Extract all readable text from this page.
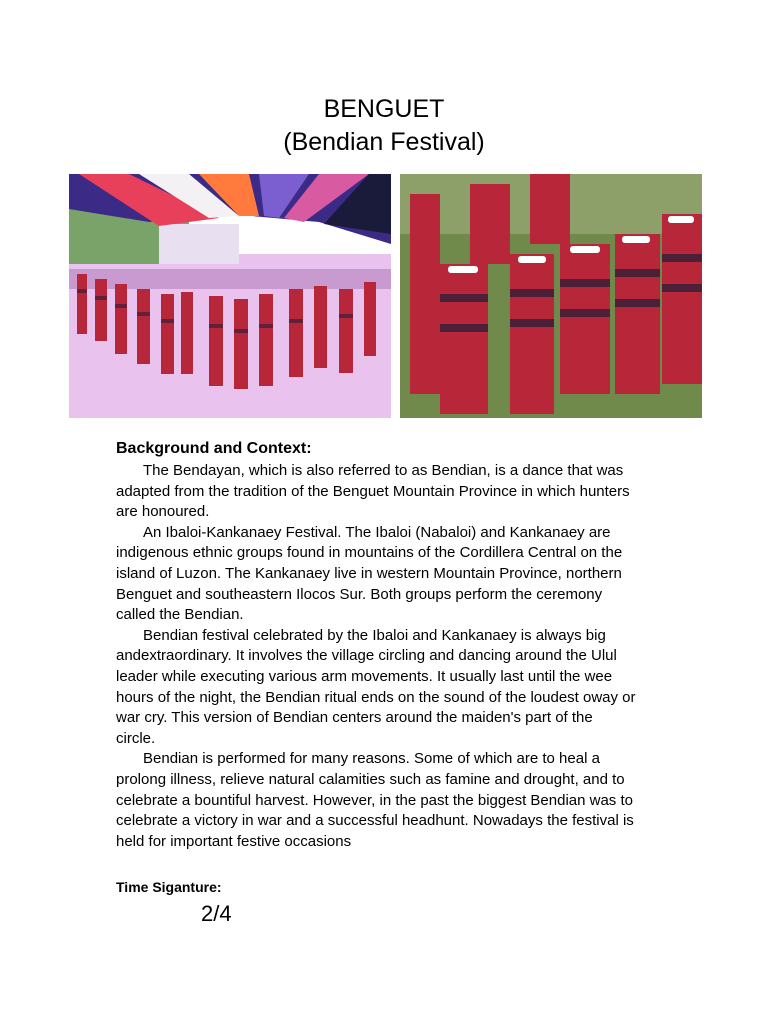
BENGUET
(Bendian Festival)
Background and Context:

The Bendayan, which is also referred to as Bendian, is a dance that was adapted from the tradition of the Benguet Mountain Province in which hunters are honoured.

An Ibaloi-Kankanaey Festival. The Ibaloi (Nabaloi) and Kankanaey are indigenous ethnic groups found in mountains of the Cordillera Central on the island of Luzon. The Kankanaey live in western Mountain Province, northern Benguet and southeastern Ilocos Sur. Both groups perform the ceremony called the Bendian.

Bendian festival celebrated by the Ibaloi and Kankanaey is always big andextraordinary. It involves the village circling and dancing around the Ulul leader while executing various arm movements. It usually last until the wee hours of the night, the Bendian ritual ends on the sound of the loudest oway or war cry. This version of Bendian centers around the maiden's part of the circle.

Bendian is performed for many reasons. Some of which are to heal a prolong illness, relieve natural calamities such as famine and drought, and to celebrate a bountiful harvest. However, in the past the biggest Bendian was to celebrate a victory in war and a successful headhunt. Nowadays the festival is held for important festive occasions

Time Siganture:
2/4
